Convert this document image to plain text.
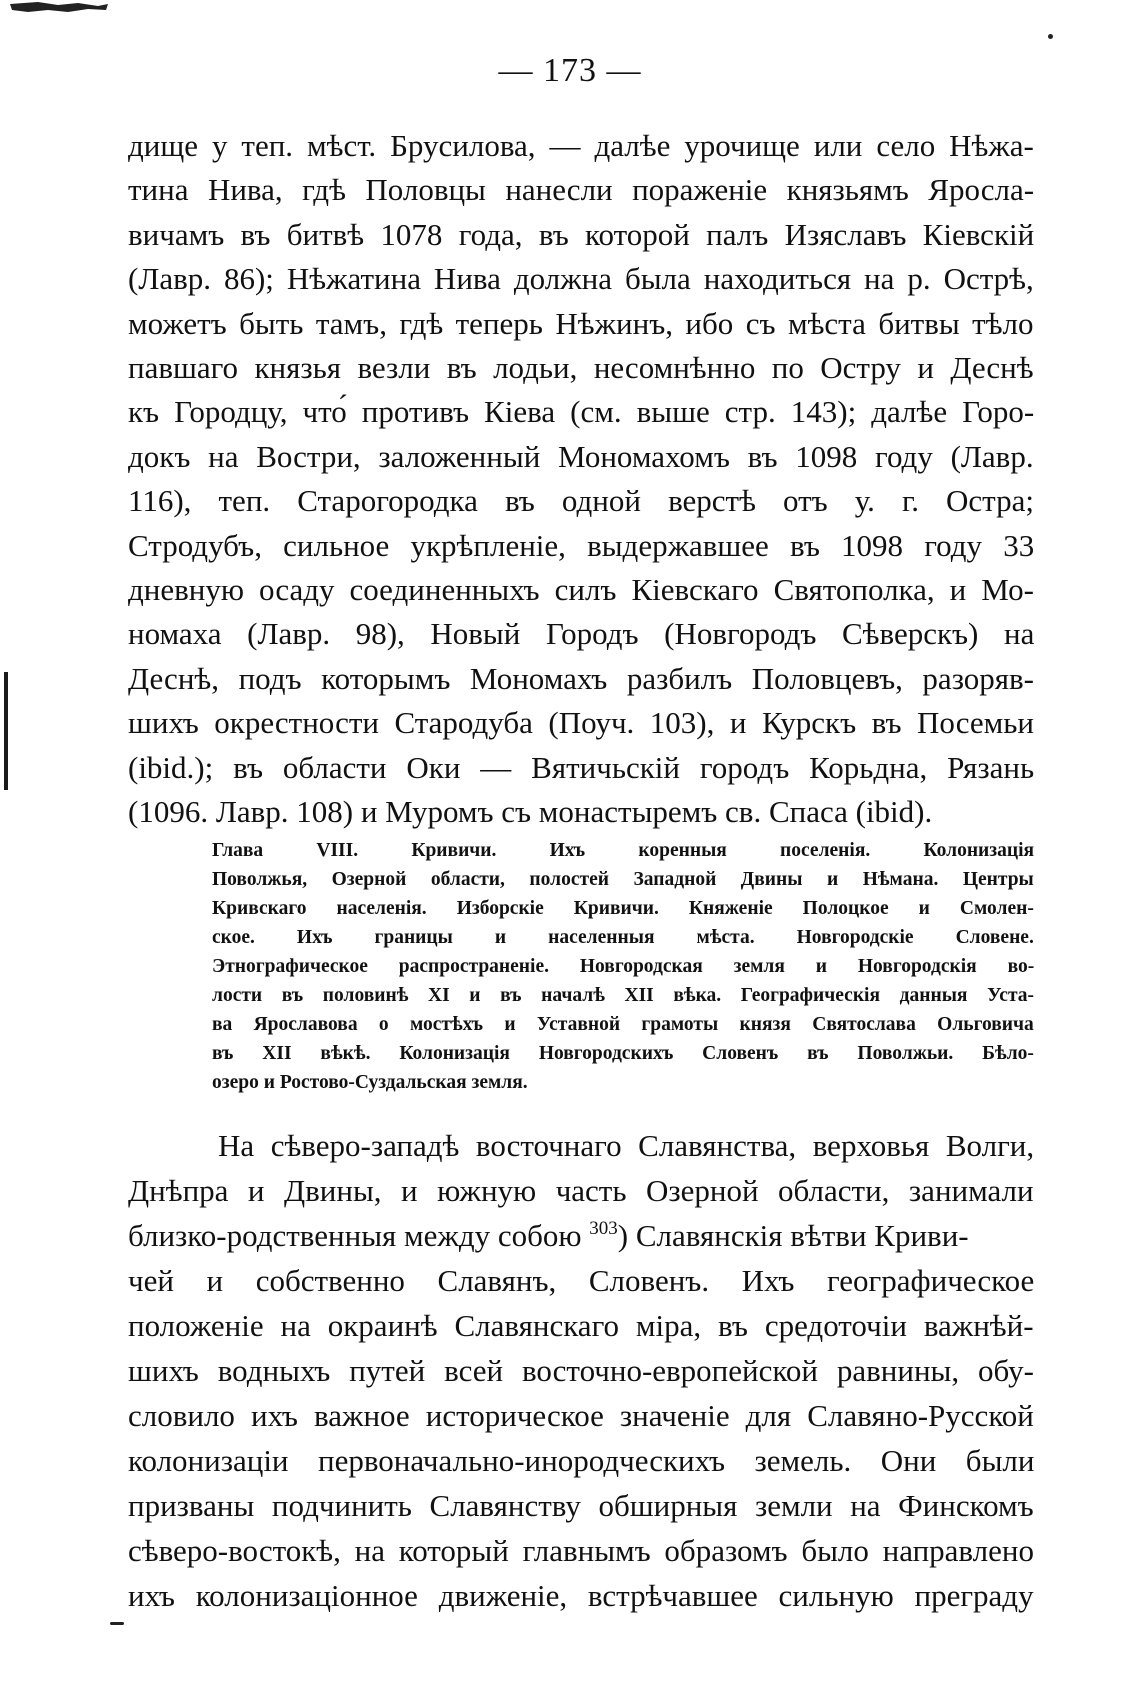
— 173 —
дище у теп. мѣст. Брусилова, — далѣе урочище или село Нѣжа-
тина Нива, гдѣ Половцы нанесли пораженіе князьямъ Яросла-
вичамъ въ битвѣ 1078 года, въ которой палъ Изяславъ Кіевскій
(Лавр. 86); Нѣжатина Нива должна была находиться на р. Острѣ,
можетъ быть тамъ, гдѣ теперь Нѣжинъ, ибо съ мѣста битвы тѣло
павшаго князья везли въ лодьи, несомнѣнно по Остру и Деснѣ
къ Городцу, что́ противъ Кіева (см. выше стр. 143); далѣе Горо-
докъ на Востри, заложенный Мономахомъ въ 1098 году (Лавр.
116), теп. Старогородка въ одной верстѣ отъ у. г. Остра;
Стродубъ, сильное укрѣпленіе, выдержавшее въ 1098 году 33
дневную осаду соединенныхъ силъ Кіевскаго Святополка, и Мо-
номаха (Лавр. 98), Новый Городъ (Новгородъ Сѣверскъ) на
Деснѣ, подъ которымъ Мономахъ разбилъ Половцевъ, разоряв-
шихъ окрестности Стародуба (Поуч. 103), и Курскъ въ Посемьи
(ibid.); въ области Оки — Вятичьскій городъ Корьдна, Рязань
(1096. Лавр. 108) и Муромъ съ монастыремъ св. Спаса (ibid).
Глава VIII. Кривичи. Ихъ коренныя поселенія. Колонизація
Поволжья, Озерной области, полостей Западной Двины и Нѣмана. Центры
Кривскаго населенія. Изборскіе Кривичи. Княженіе Полоцкое и Смолен-
ское. Ихъ границы и населенныя мѣста. Новгородскіе Словене.
Этнографическое распространеніе. Новгородская земля и Новгородскія во-
лости въ половинѣ XI и въ началѣ XII вѣка. Географическія данныя Уста-
ва Ярославова о мостѣхъ и Уставной грамоты князя Святослава Ольговича
въ XII вѣкѣ. Колонизація Новгородскихъ Словенъ въ Поволжьи. Бѣло-
озеро и Ростово-Суздальская земля.
На сѣверо-западѣ восточнаго Славянства, верховья Волги,
Днѣпра и Двины, и южную часть Озерной области, занимали
близко-родственныя между собою $^{303}$) Славянскія вѣтви Криви-
чей и собственно Славянъ, Словенъ. Ихъ географическое
положеніе на окраинѣ Славянскаго міра, въ средоточіи важнѣй-
шихъ водныхъ путей всей восточно-европейской равнины, обу-
словило ихъ важное историческое значеніе для Славяно-Русской
колонизаціи первоначально-инородческихъ земель. Они были
призваны подчинить Славянству обширныя земли на Финскомъ
сѣверо-востокѣ, на который главнымъ образомъ было направлено
ихъ колонизаціонное движеніе, встрѣчавшее сильную преграду
